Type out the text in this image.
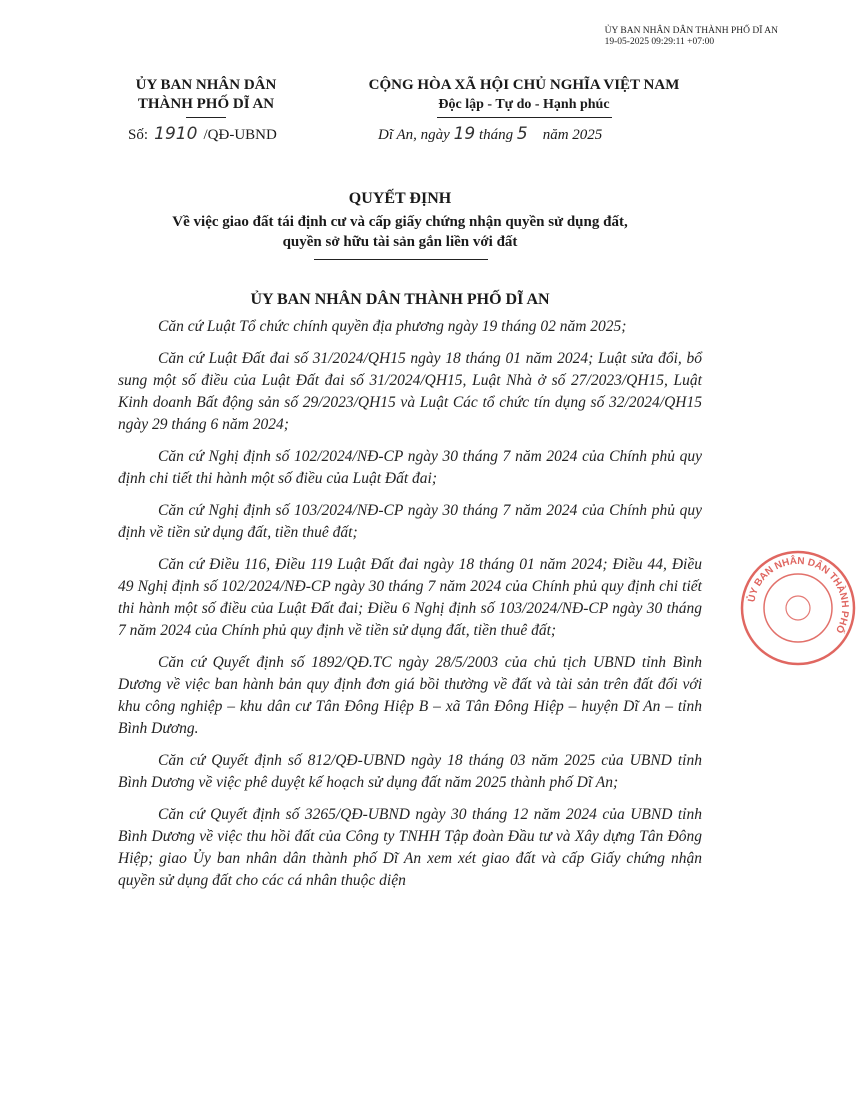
ỦY BAN NHÂN DÂN THÀNH PHỐ DĨ AN
19-05-2025 09:29:11 +07:00
ỦY BAN NHÂN DÂN
THÀNH PHỐ DĨ AN
CỘNG HÒA XÃ HỘI CHỦ NGHĨA VIỆT NAM
Độc lập - Tự do - Hạnh phúc
Số: 1910 /QĐ-UBND	Dĩ An, ngày 19 tháng 5    năm 2025
QUYẾT ĐỊNH
Về việc giao đất tái định cư và cấp giấy chứng nhận quyền sử dụng đất,
quyền sở hữu tài sản gắn liền với đất
ỦY BAN NHÂN DÂN THÀNH PHỐ DĨ AN

Căn cứ Luật Tổ chức chính quyền địa phương ngày 19 tháng 02 năm 2025;

Căn cứ Luật Đất đai số 31/2024/QH15 ngày 18 tháng 01 năm 2024; Luật sửa đổi, bổ sung một số điều của Luật Đất đai số 31/2024/QH15, Luật Nhà ở số 27/2023/QH15, Luật Kinh doanh Bất động sản số 29/2023/QH15 và Luật Các tổ chức tín dụng số 32/2024/QH15 ngày 29 tháng 6 năm 2024;

Căn cứ Nghị định số 102/2024/NĐ-CP ngày 30 tháng 7 năm 2024 của Chính phủ quy định chi tiết thi hành một số điều của Luật Đất đai;

Căn cứ Nghị định số 103/2024/NĐ-CP ngày 30 tháng 7 năm 2024 của Chính phủ quy định về tiền sử dụng đất, tiền thuê đất;

Căn cứ Điều 116, Điều 119 Luật Đất đai ngày 18 tháng 01 năm 2024; Điều 44, Điều 49 Nghị định số 102/2024/NĐ-CP ngày 30 tháng 7 năm 2024 của Chính phủ quy định chi tiết thi hành một số điều của Luật Đất đai; Điều 6 Nghị định số 103/2024/NĐ-CP ngày 30 tháng 7 năm 2024 của Chính phủ quy định về tiền sử dụng đất, tiền thuê đất;

Căn cứ Quyết định số 1892/QĐ.TC ngày 28/5/2003 của chủ tịch UBND tỉnh Bình Dương về việc ban hành bản quy định đơn giá bồi thường về đất và tài sản trên đất đối với khu công nghiệp – khu dân cư Tân Đông Hiệp B – xã Tân Đông Hiệp – huyện Dĩ An – tỉnh Bình Dương.

Căn cứ Quyết định số 812/QĐ-UBND ngày 18 tháng 03 năm 2025 của UBND tỉnh Bình Dương về việc phê duyệt kế hoạch sử dụng đất năm 2025 thành phố Dĩ An;

Căn cứ Quyết định số 3265/QĐ-UBND ngày 30 tháng 12 năm 2024 của UBND tỉnh Bình Dương về việc thu hồi đất của Công ty TNHH Tập đoàn Đầu tư và Xây dựng Tân Đông Hiệp; giao Ủy ban nhân dân thành phố Dĩ An xem xét giao đất và cấp Giấy chứng nhận quyền sử dụng đất cho các cá nhân thuộc diện

ỦY BAN NHÂN DÂN THÀNH PHỐ
